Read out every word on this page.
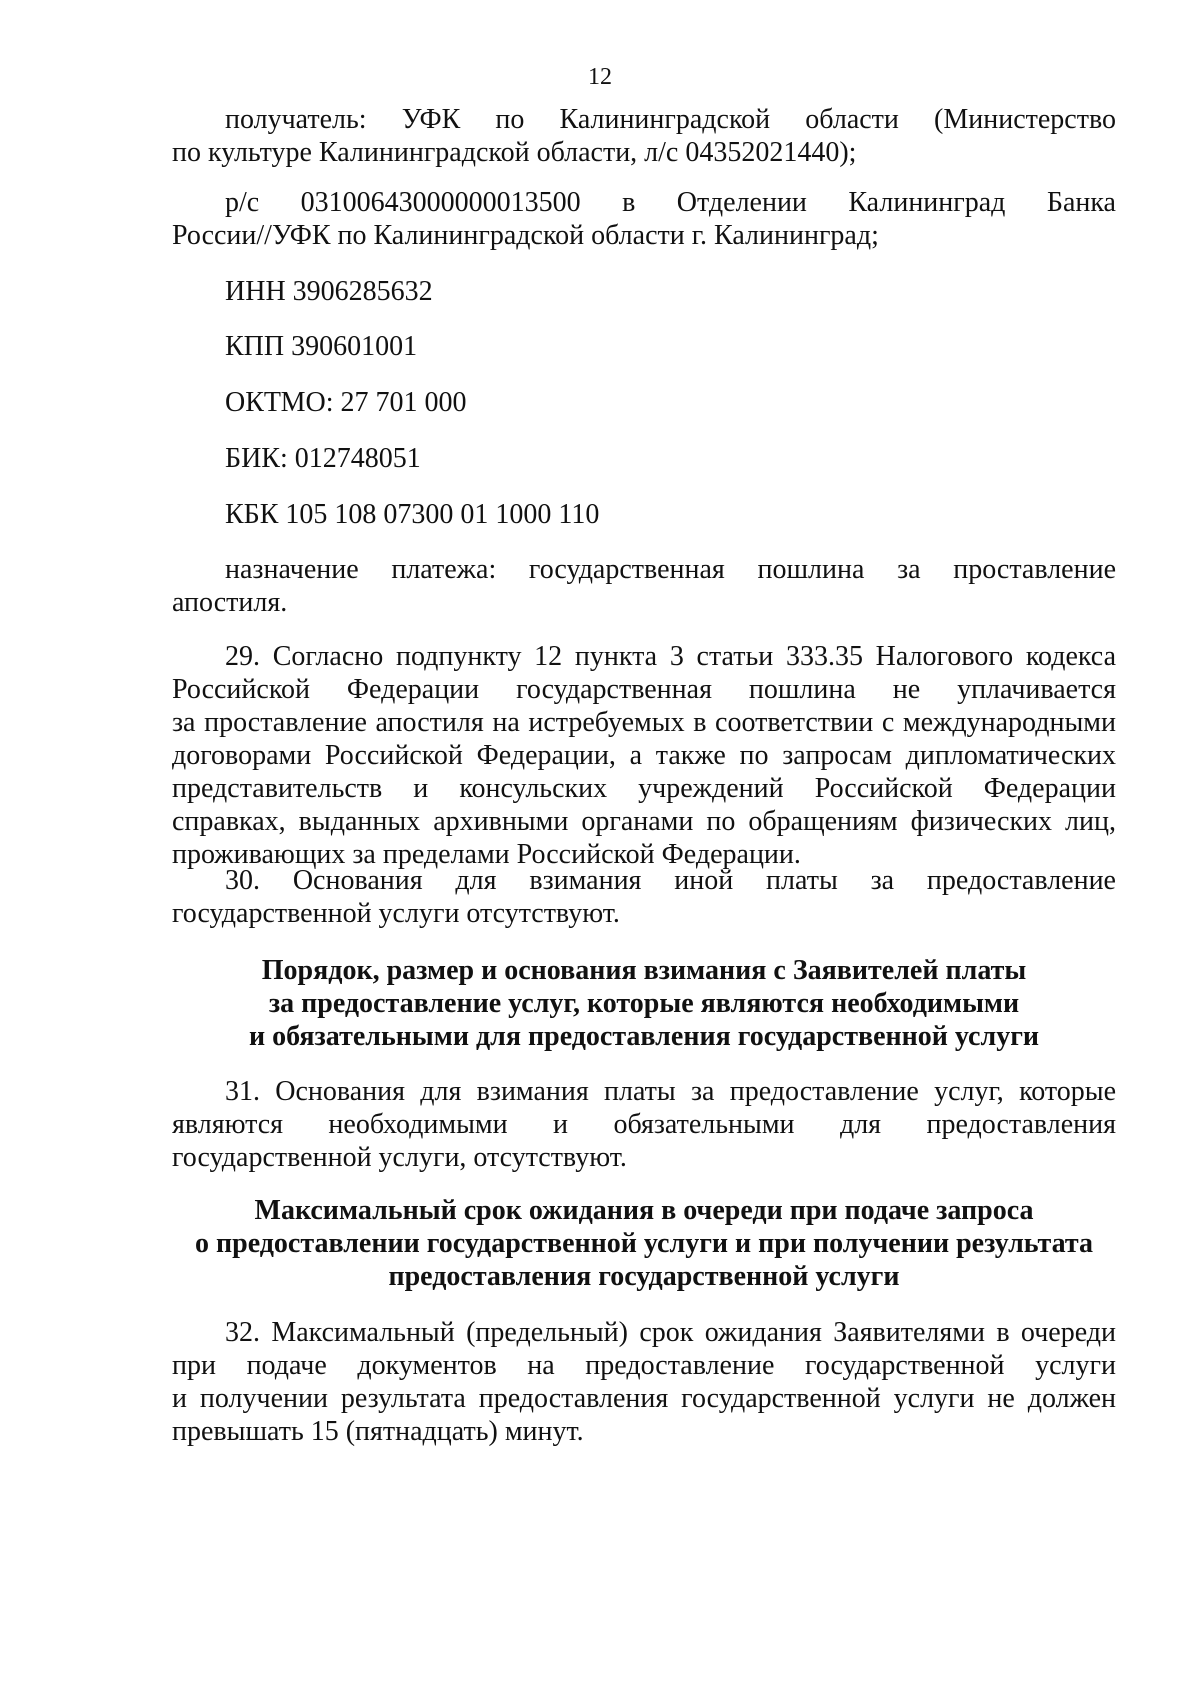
12
получатель: УФК по Калининградской области (Министерство
по культуре Калининградской области, л/с 04352021440);
р/с 03100643000000013500 в Отделении Калининград Банка
России//УФК по Калининградской области г. Калининград;
ИНН 3906285632
КПП 390601001
ОКТМО: 27 701 000
БИК: 012748051
КБК 105 108 07300 01 1000 110
назначение платежа: государственная пошлина за проставление
апостиля.
29. Согласно подпункту 12 пункта 3 статьи 333.35 Налогового кодекса
Российской Федерации государственная пошлина не уплачивается
за проставление апостиля на истребуемых в соответствии с международными
договорами Российской Федерации, а также по запросам дипломатических
представительств и консульских учреждений Российской Федерации
справках, выданных архивными органами по обращениям физических лиц,
проживающих за пределами Российской Федерации.
30. Основания для взимания иной платы за предоставление
государственной услуги отсутствуют.
Порядок, размер и основания взимания с Заявителей платы
за предоставление услуг, которые являются необходимыми
и обязательными для предоставления государственной услуги
31. Основания для взимания платы за предоставление услуг, которые
являются необходимыми и обязательными для предоставления
государственной услуги, отсутствуют.
Максимальный срок ожидания в очереди при подаче запроса
о предоставлении государственной услуги и при получении результата
предоставления государственной услуги
32. Максимальный (предельный) срок ожидания Заявителями в очереди
при подаче документов на предоставление государственной услуги
и получении результата предоставления государственной услуги не должен
превышать 15 (пятнадцать) минут.
